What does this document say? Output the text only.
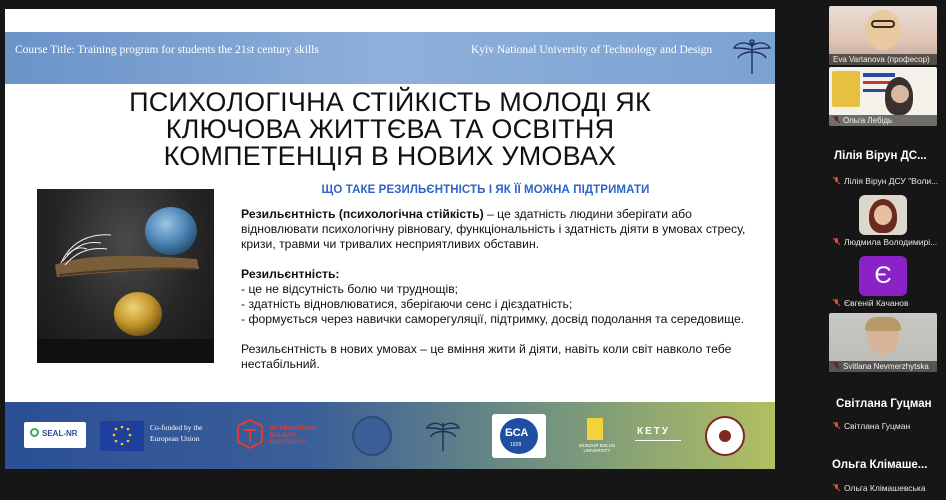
Course Title: Training program for students the 21st century skills	Kyiv National University of Technology and Design
ПСИХОЛОГІЧНА СТІЙКІСТЬ МОЛОДІ ЯК
КЛЮЧОВА ЖИТТЄВА ТА ОСВІТНЯ
КОМПЕТЕНЦІЯ В НОВИХ УМОВАХ
ЩО ТАКЕ РЕЗИЛЬЄНТНІСТЬ І ЯК ЇЇ МОЖНА ПІДТРИМАТИ

Резильєнтність (психологічна стійкість) – це здатність людини зберігати або відновлювати психологічну рівновагу, функціональність і здатність діяти в умовах стресу, кризи, травми чи тривалих несприятливих обставин.

Резильєнтність:
- це не відсутність болю чи труднощів;
- здатність відновлюватися, зберігаючи сенс і дієздатність;
- формується через навички саморегуляції, підтримку, досвід подолання та середовище.

Резильєнтність в нових умовах – це вміння жити й діяти, навіть коли світ навколо тебе нестабільний.

SEAL-NR
Co-funded by the European Union
INTERNATIONAL BALKAN UNIVERSITY
БСА
1928	MUNZUR BOLUS UNIVERSITY
КЕТУ
Eva Vartanova (професор)
Ольга Лебідь
Лілія Вірун ДС...
Лілія Вірун ДСУ "Воли...
Людмила Володимирі...
Є
Євгеній Качанов
Svitlana Nevmerzhytska
Світлана Гуцман
Світлана Гуцман
Ольга Клімаше...
Ольга Клімашевська
